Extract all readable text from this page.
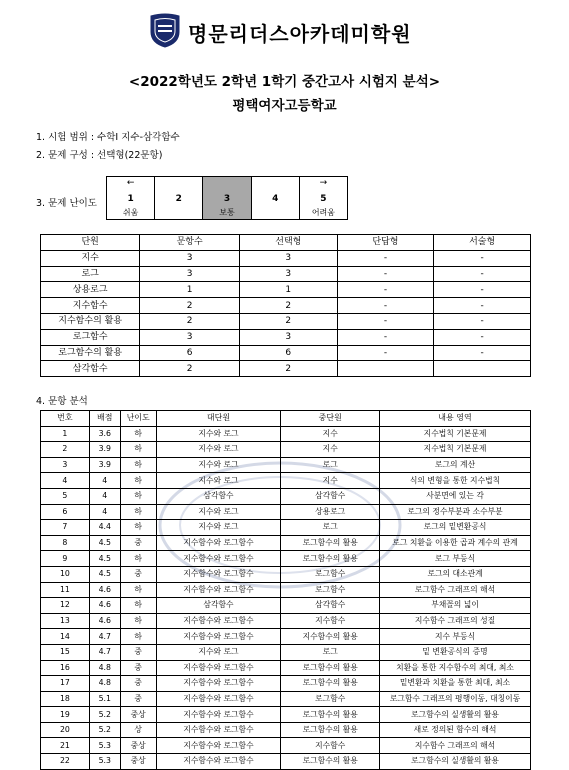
명문리더스아카데미학원
<2022학년도 2학년 1학기 중간고사 시험지 분석>
평택여자고등학교
1. 시험 범위 : 수학Ⅰ 지수-삼각함수
2. 문제 구성 : 선택형(22문항)
3. 문제 난이도
←
1
쉬움
2	3
보통
4
→
5
어려움
단원	문항수	선택형	단답형	서술형
지수	3	3	-	-
로그	3	3	-	-
상용로그	1	1	-	-
지수함수	2	2	-	-
지수함수의 활용	2	2	-	-
로그함수	3	3	-	-
로그함수의 활용	6	6	-	-
삼각함수	2	2		
4. 문항 분석
번호	배점	난이도	대단원	중단원	내용 영역
1	3.6	하	지수와 로그	지수	지수법칙 기본문제
2	3.9	하	지수와 로그	지수	지수법칙 기본문제
3	3.9	하	지수와 로그	로그	로그의 계산
4	4	하	지수와 로그	지수	식의 변형을 통한 지수법칙
5	4	하	삼각함수	삼각함수	사분면에 있는 각
6	4	하	지수와 로그	상용로그	로그의 정수부분과 소수부분
7	4.4	하	지수와 로그	로그	로그의 밑변환공식
8	4.5	중	지수함수와 로그함수	로그함수의 활용	로그 치환을 이용한 곱과 계수의 관계
9	4.5	하	지수함수와 로그함수	로그함수의 활용	로그 부등식
10	4.5	중	지수함수와 로그함수	로그함수	로그의 대소관계
11	4.6	하	지수함수와 로그함수	로그함수	로그함수 그래프의 해석
12	4.6	하	삼각함수	삼각함수	부채꼴의 넓이
13	4.6	하	지수함수와 로그함수	지수함수	지수함수 그래프의 성질
14	4.7	하	지수함수와 로그함수	지수함수의 활용	지수 부등식
15	4.7	중	지수와 로그	로그	밑 변환공식의 증명
16	4.8	중	지수함수와 로그함수	로그함수의 활용	치환을 통한 지수함수의 최대, 최소
17	4.8	중	지수함수와 로그함수	로그함수의 활용	밑변환과 치환을 통한 최대, 최소
18	5.1	중	지수함수와 로그함수	로그함수	로그함수 그래프의 평행이동, 대칭이동
19	5.2	중상	지수함수와 로그함수	로그함수의 활용	로그함수의 실생활의 활용
20	5.2	상	지수함수와 로그함수	로그함수의 활용	새로 정의된 함수의 해석
21	5.3	중상	지수함수와 로그함수	지수함수	지수함수 그래프의 해석
22	5.3	중상	지수함수와 로그함수	로그함수의 활용	로그함수의 실생활의 활용
